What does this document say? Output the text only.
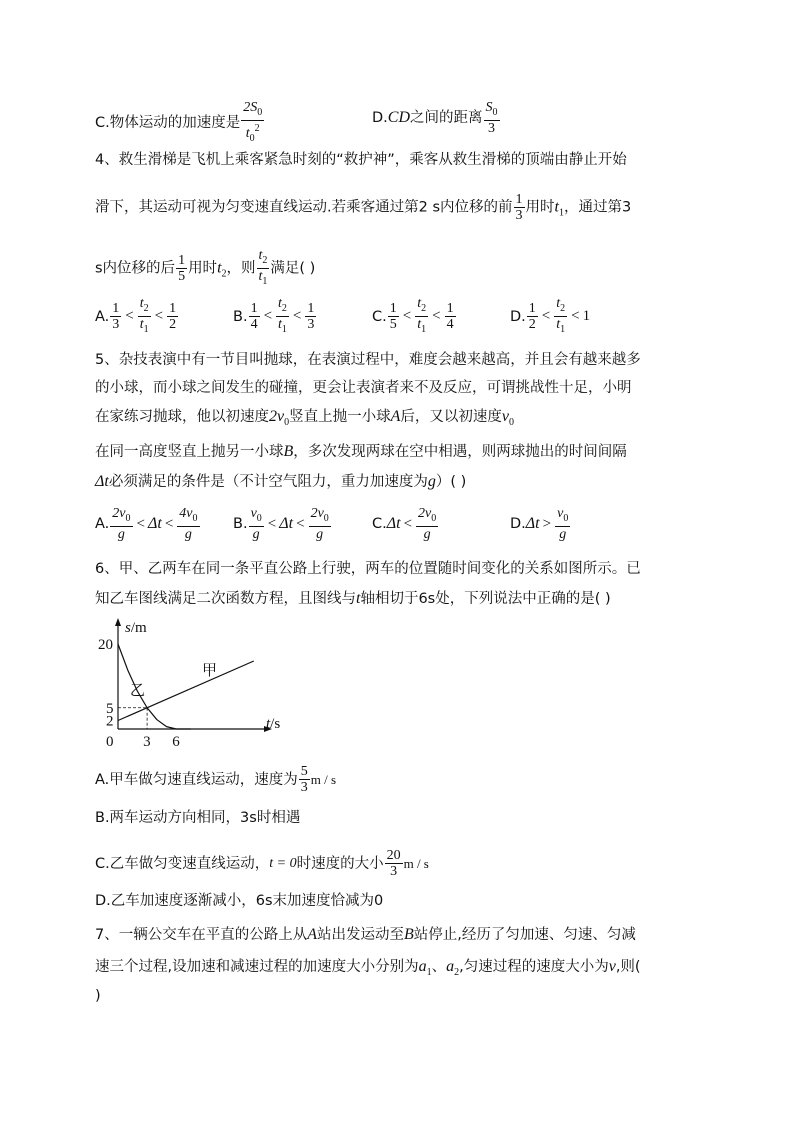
C.物体运动的加速度是 $\frac{2S_0}{t_0^2}$	D.CD之间的距离 $\frac{S_0}{3}$
4、救生滑梯是飞机上乘客紧急时刻的“救护神”，乘客从救生滑梯的顶端由静止开始
滑下，其运动可视为匀变速直线运动.若乘客通过第2 s内位移的前 $\frac{1}{3}$ 用时$t_1$，通过第3
s内位移的后 $\frac{1}{5}$ 用时$t_2$，则 $\frac{t_2}{t_1}$ 满足( )
A. $\frac{1}{3} < \frac{t_2}{t_1} < \frac{1}{2}$	B. $\frac{1}{4} < \frac{t_2}{t_1} < \frac{1}{3}$	C. $\frac{1}{5} < \frac{t_2}{t_1} < \frac{1}{4}$	D. $\frac{1}{2} < \frac{t_2}{t_1} < 1$
5、杂技表演中有一节目叫抛球，在表演过程中，难度会越来越高，并且会有越来越多
的小球，而小球之间发生的碰撞，更会让表演者来不及反应，可谓挑战性十足，小明
在家练习抛球，他以初速度$2v_0$竖直上抛一小球A后，又以初速度$v_0$
在同一高度竖直上抛另一小球B，多次发现两球在空中相遇，则两球抛出的时间间隔
Δt必须满足的条件是（不计空气阻力，重力加速度为g）( )
A. $\frac{2v_0}{g} < \Delta t < \frac{4v_0}{g} B$. $\frac{v_0}{g} < \Delta t < \frac{2v_0}{g}$	$C.\Delta t < \frac{2v_0}{g}$	$D.\Delta t > \frac{v_0}{g}$
6、甲、乙两车在同一条平直公路上行驶，两车的位置随时间变化的关系如图所示。已
知乙车图线满足二次函数方程，且图线与t轴相切于6s处，下列说法中正确的是( )
s/m
t/s
0 3 6
20
5
2
甲
乙
A.甲车做匀速直线运动，速度为 $\frac{5}{3}$ m / s
B.两车运动方向相同，3s时相遇
C.乙车做匀变速直线运动，t = 0时速度的大小 $\frac{20}{3}$ m / s
D.乙车加速度逐渐减小，6s末加速度恰减为0
7、一辆公交车在平直的公路上从A站出发运动至B站停止,经历了匀加速、匀速、匀减
速三个过程,设加速和减速过程的加速度大小分别为$a_1$、$a_2$,匀速过程的速度大小为v,则(
)
